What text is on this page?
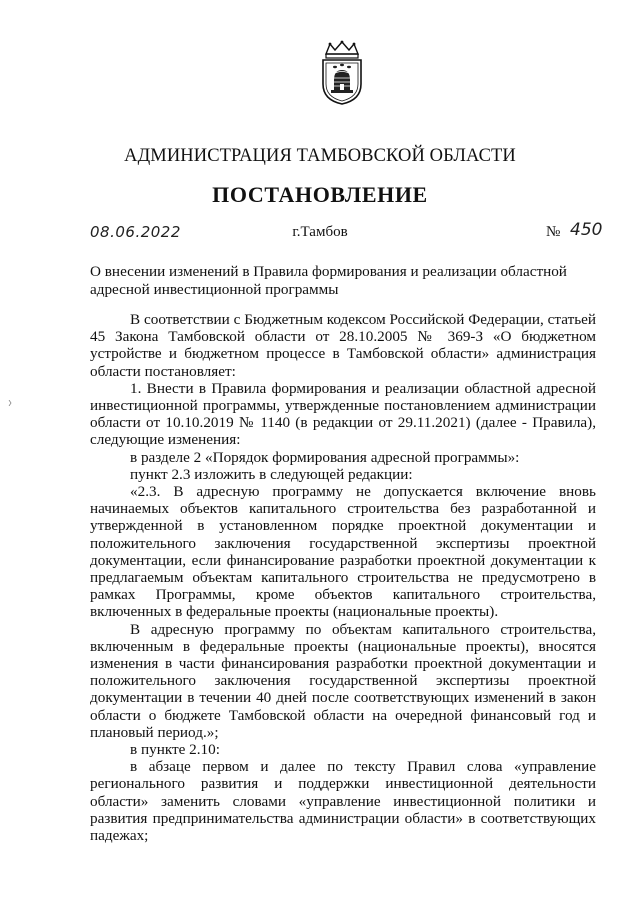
АДМИНИСТРАЦИЯ ТАМБОВСКОЙ ОБЛАСТИ
ПОСТАНОВЛЕНИЕ
08.06.2022	г.Тамбов	№ 450
О внесении изменений в Правила формирования и реализации областной адресной инвестиционной программы

В соответствии с Бюджетным кодексом Российской Федерации, статьей 45 Закона Тамбовской области от 28.10.2005 № 369-З «О бюджетном устройстве и бюджетном процессе в Тамбовской области» администрация области постановляет:

1. Внести в Правила формирования и реализации областной адресной инвестиционной программы, утвержденные постановлением администрации области от 10.10.2019 № 1140 (в редакции от 29.11.2021) (далее - Правила), следующие изменения:

в разделе 2 «Порядок формирования адресной программы»:

пункт 2.3 изложить в следующей редакции:

«2.3. В адресную программу не допускается включение вновь начинаемых объектов капитального строительства без разработанной и утвержденной в установленном порядке проектной документации и положительного заключения государственной экспертизы проектной документации, если финансирование разработки проектной документации к предлагаемым объектам капитального строительства не предусмотрено в рамках Программы, кроме объектов капитального строительства, включенных в федеральные проекты (национальные проекты).

В адресную программу по объектам капитального строительства, включенным в федеральные проекты (национальные проекты), вносятся изменения в части финансирования разработки проектной документации и положительного заключения государственной экспертизы проектной документации в течении 40 дней после соответствующих изменений в закон области о бюджете Тамбовской области на очередной финансовый год и плановый период.»;

в пункте 2.10:

в абзаце первом и далее по тексту Правил слова «управление регионального развития и поддержки инвестиционной деятельности области» заменить словами «управление инвестиционной политики и развития предпринимательства администрации области» в соответствующих падежах;
